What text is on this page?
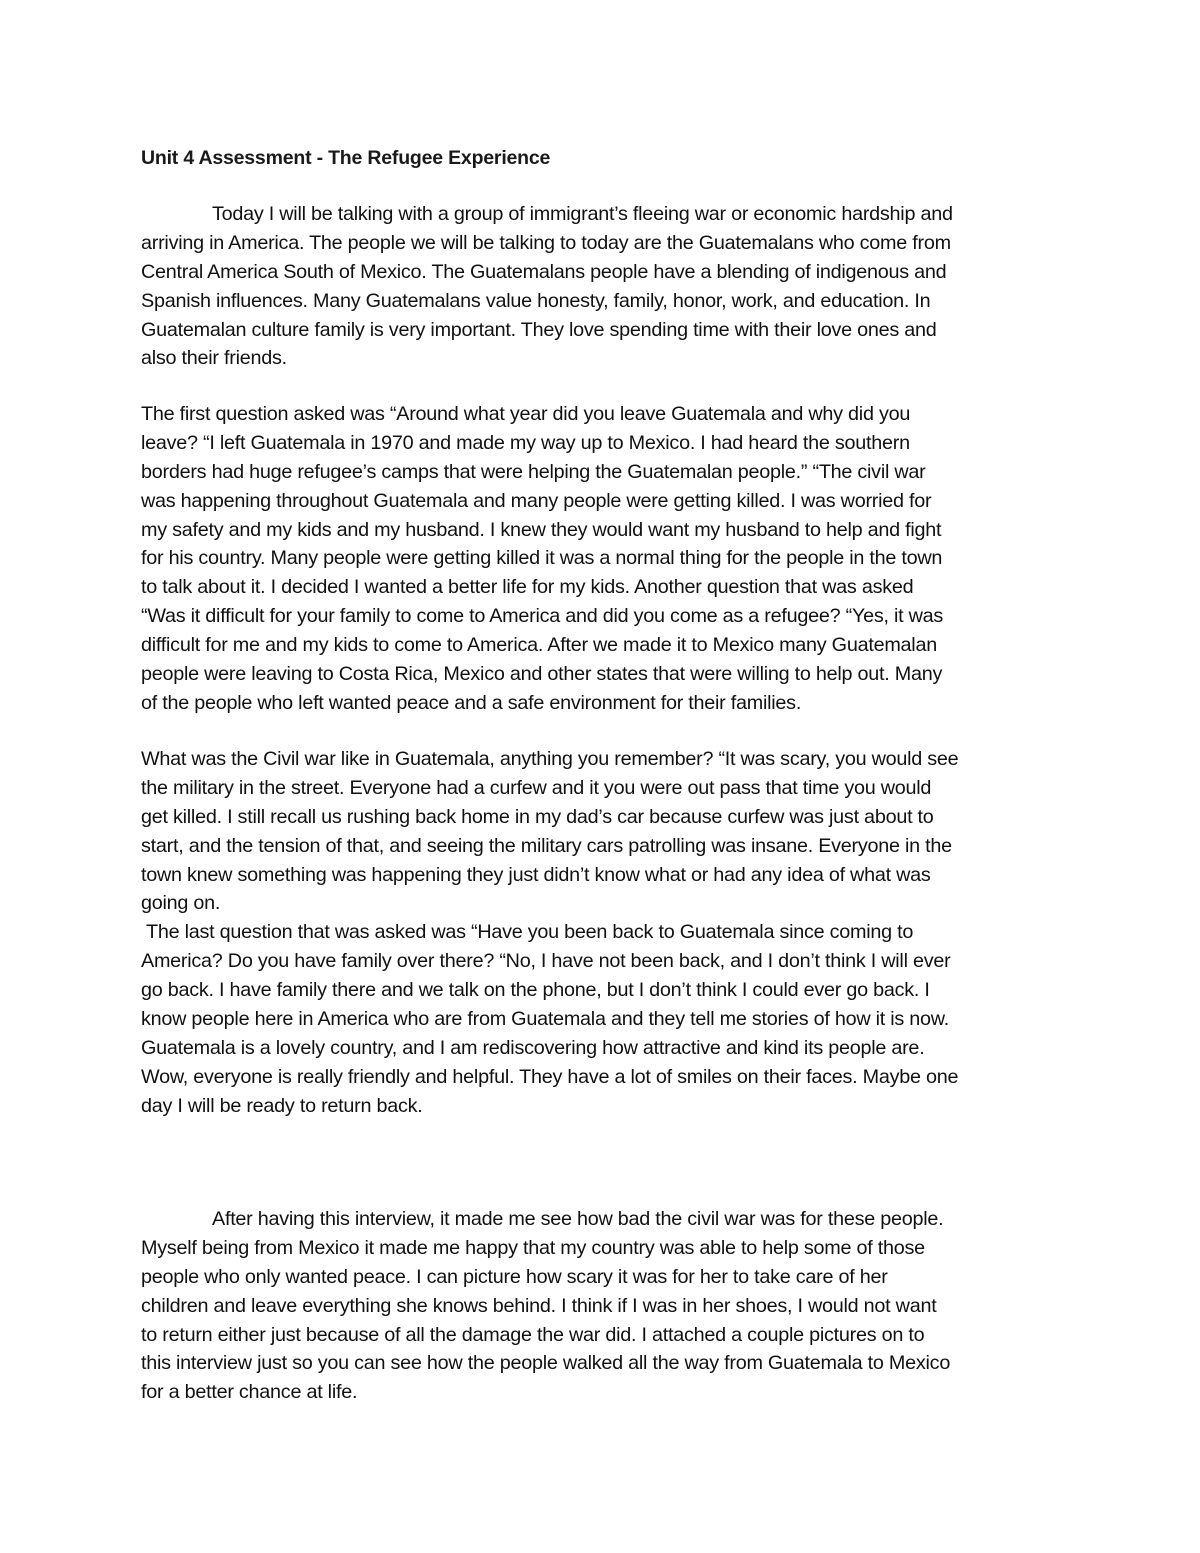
Unit 4 Assessment - The Refugee Experience
Today I will be talking with a group of immigrant’s fleeing war or economic hardship and
arriving in America. The people we will be talking to today are the Guatemalans who come from
Central America South of Mexico. The Guatemalans people have a blending of indigenous and
Spanish influences. Many Guatemalans value honesty, family, honor, work, and education. In
Guatemalan culture family is very important. They love spending time with their love ones and
also their friends.
The first question asked was “Around what year did you leave Guatemala and why did you
leave? “I left Guatemala in 1970 and made my way up to Mexico. I had heard the southern
borders had huge refugee’s camps that were helping the Guatemalan people.” “The civil war
was happening throughout Guatemala and many people were getting killed. I was worried for
my safety and my kids and my husband. I knew they would want my husband to help and fight
for his country. Many people were getting killed it was a normal thing for the people in the town
to talk about it. I decided I wanted a better life for my kids. Another question that was asked
“Was it difficult for your family to come to America and did you come as a refugee? “Yes, it was
difficult for me and my kids to come to America. After we made it to Mexico many Guatemalan
people were leaving to Costa Rica, Mexico and other states that were willing to help out. Many
of the people who left wanted peace and a safe environment for their families.
What was the Civil war like in Guatemala, anything you remember? “It was scary, you would see
the military in the street. Everyone had a curfew and it you were out pass that time you would
get killed. I still recall us rushing back home in my dad’s car because curfew was just about to
start, and the tension of that, and seeing the military cars patrolling was insane. Everyone in the
town knew something was happening they just didn’t know what or had any idea of what was
going on.
The last question that was asked was “Have you been back to Guatemala since coming to
America? Do you have family over there? “No, I have not been back, and I don’t think I will ever
go back. I have family there and we talk on the phone, but I don’t think I could ever go back. I
know people here in America who are from Guatemala and they tell me stories of how it is now.
Guatemala is a lovely country, and I am rediscovering how attractive and kind its people are.
Wow, everyone is really friendly and helpful. They have a lot of smiles on their faces. Maybe one
day I will be ready to return back.
After having this interview, it made me see how bad the civil war was for these people.
Myself being from Mexico it made me happy that my country was able to help some of those
people who only wanted peace. I can picture how scary it was for her to take care of her
children and leave everything she knows behind. I think if I was in her shoes, I would not want
to return either just because of all the damage the war did. I attached a couple pictures on to
this interview just so you can see how the people walked all the way from Guatemala to Mexico
for a better chance at life.
